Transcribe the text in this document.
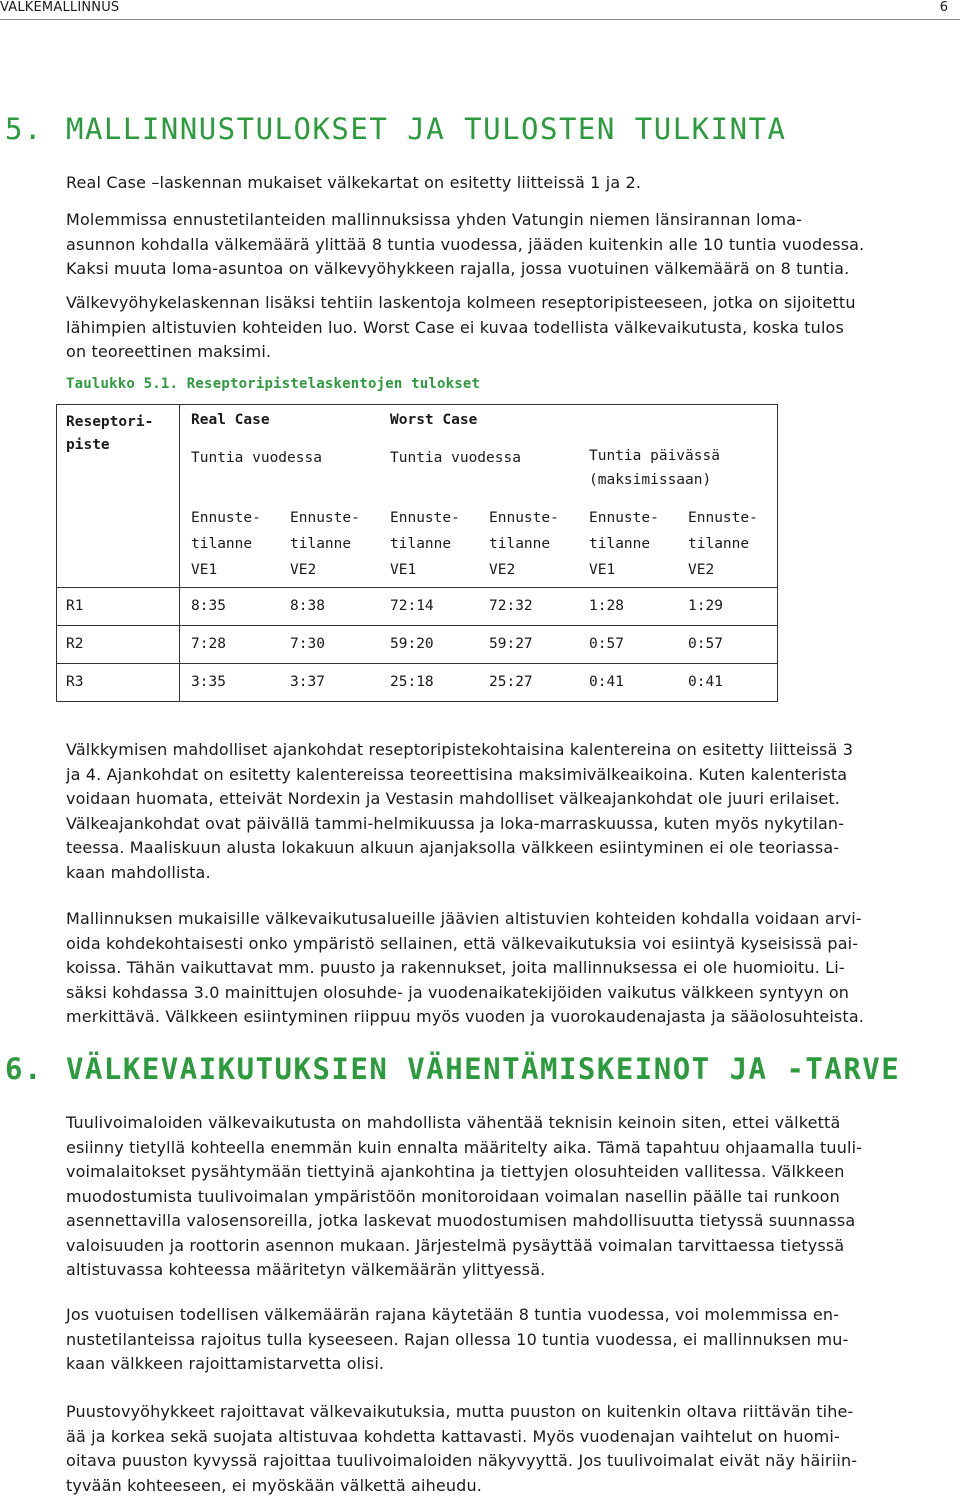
VÄLKEMALLINNUS	6
5. MALLINNUSTULOKSET JA TULOSTEN TULKINTA

Real Case –laskennan mukaiset välkekartat on esitetty liitteissä 1 ja 2.

Molemmissa ennustetilanteiden mallinnuksissa yhden Vatungin niemen länsirannan loma-
asunnon kohdalla välkemäärä ylittää 8 tuntia vuodessa, jääden kuitenkin alle 10 tuntia vuodessa.
Kaksi muuta loma-asuntoa on välkevyöhykkeen rajalla, jossa vuotuinen välkemäärä on 8 tuntia.

Välkevyöhykelaskennan lisäksi tehtiin laskentoja kolmeen reseptoripisteeseen, jotka on sijoitettu
lähimpien altistuvien kohteiden luo. Worst Case ei kuvaa todellista välkevaikutusta, koska tulos
on teoreettinen maksimi.

Taulukko 5.1. Reseptoripistelaskentojen tulokset
Reseptori-
piste
Real Case	Worst Case
Tuntia vuodessa	Tuntia vuodessa	Tuntia päivässä
(maksimissaan)
Ennuste-
tilanne
VE1
Ennuste-
tilanne
VE2
Ennuste-
tilanne
VE1
Ennuste-
tilanne
VE2
Ennuste-
tilanne
VE1
Ennuste-
tilanne
VE2
R1	8:35	8:38	72:14	72:32	1:28	1:29
R2	7:28	7:30	59:20	59:27	0:57	0:57
R3	3:35	3:37	25:18	25:27	0:41	0:41

Välkkymisen mahdolliset ajankohdat reseptoripistekohtaisina kalentereina on esitetty liitteissä 3
ja 4. Ajankohdat on esitetty kalentereissa teoreettisina maksimivälkeaikoina. Kuten kalenterista
voidaan huomata, etteivät Nordexin ja Vestasin mahdolliset välkeajankohdat ole juuri erilaiset.
Välkeajankohdat ovat päivällä tammi-helmikuussa ja loka-marraskuussa, kuten myös nykytilan-
teessa. Maaliskuun alusta lokakuun alkuun ajanjaksolla välkkeen esiintyminen ei ole teoriassa-
kaan mahdollista.

Mallinnuksen mukaisille välkevaikutusalueille jäävien altistuvien kohteiden kohdalla voidaan arvi-
oida kohdekohtaisesti onko ympäristö sellainen, että välkevaikutuksia voi esiintyä kyseisissä pai-
koissa. Tähän vaikuttavat mm. puusto ja rakennukset, joita mallinnuksessa ei ole huomioitu. Li-
säksi kohdassa 3.0 mainittujen olosuhde- ja vuodenaikatekijöiden vaikutus välkkeen syntyyn on
merkittävä. Välkkeen esiintyminen riippuu myös vuoden ja vuorokaudenajasta ja sääolosuhteista.

6. VÄLKEVAIKUTUKSIEN VÄHENTÄMISKEINOT JA -TARVE

Tuulivoimaloiden välkevaikutusta on mahdollista vähentää teknisin keinoin siten, ettei välkettä
esiinny tietyllä kohteella enemmän kuin ennalta määritelty aika. Tämä tapahtuu ohjaamalla tuuli-
voimalaitokset pysähtymään tiettyinä ajankohtina ja tiettyjen olosuhteiden vallitessa. Välkkeen
muodostumista tuulivoimalan ympäristöön monitoroidaan voimalan nasellin päälle tai runkoon
asennettavilla valosensoreilla, jotka laskevat muodostumisen mahdollisuutta tietyssä suunnassa
valoisuuden ja roottorin asennon mukaan. Järjestelmä pysäyttää voimalan tarvittaessa tietyssä
altistuvassa kohteessa määritetyn välkemäärän ylittyessä.

Jos vuotuisen todellisen välkemäärän rajana käytetään 8 tuntia vuodessa, voi molemmissa en-
nustetilanteissa rajoitus tulla kyseeseen. Rajan ollessa 10 tuntia vuodessa, ei mallinnuksen mu-
kaan välkkeen rajoittamistarvetta olisi.

Puustovyöhykkeet rajoittavat välkevaikutuksia, mutta puuston on kuitenkin oltava riittävän tihe-
ää ja korkea sekä suojata altistuvaa kohdetta kattavasti. Myös vuodenajan vaihtelut on huomi-
oitava puuston kyvyssä rajoittaa tuulivoimaloiden näkyvyyttä. Jos tuulivoimalat eivät näy häiriin-
tyvään kohteeseen, ei myöskään välkettä aiheudu.
